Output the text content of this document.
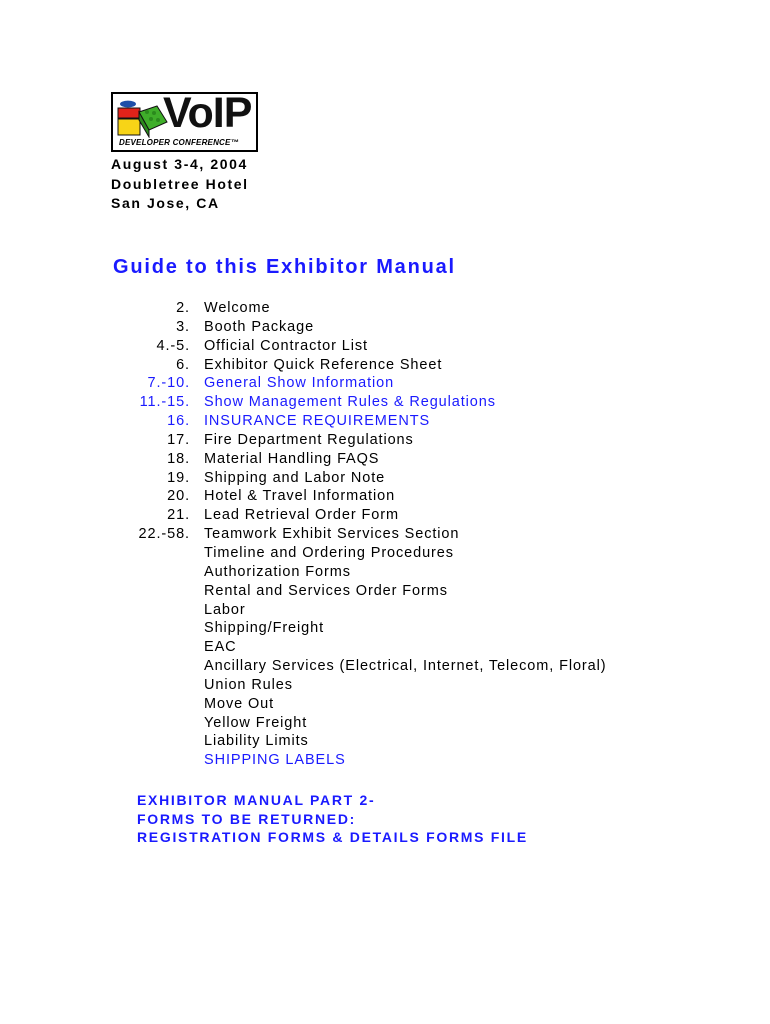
VoIP
DEVELOPER CONFERENCE™
August 3-4, 2004
Doubletree Hotel
San Jose, CA
Guide to this Exhibitor Manual
2. Welcome
3. Booth Package
4.-5. Official Contractor List
6. Exhibitor Quick Reference Sheet
7.-10. General Show Information
11.-15. Show Management Rules & Regulations
16. INSURANCE REQUIREMENTS
17. Fire Department Regulations
18. Material Handling FAQS
19. Shipping and Labor Note
20. Hotel & Travel Information
21. Lead Retrieval Order Form
22.-58. Teamwork Exhibit Services Section
Timeline and Ordering Procedures
Authorization Forms
Rental and Services Order Forms
Labor
Shipping/Freight
EAC
Ancillary Services (Electrical, Internet, Telecom, Floral)
Union Rules
Move Out
Yellow Freight
Liability Limits
SHIPPING LABELS
EXHIBITOR MANUAL PART 2-
FORMS TO BE RETURNED:
REGISTRATION FORMS & DETAILS FORMS FILE
